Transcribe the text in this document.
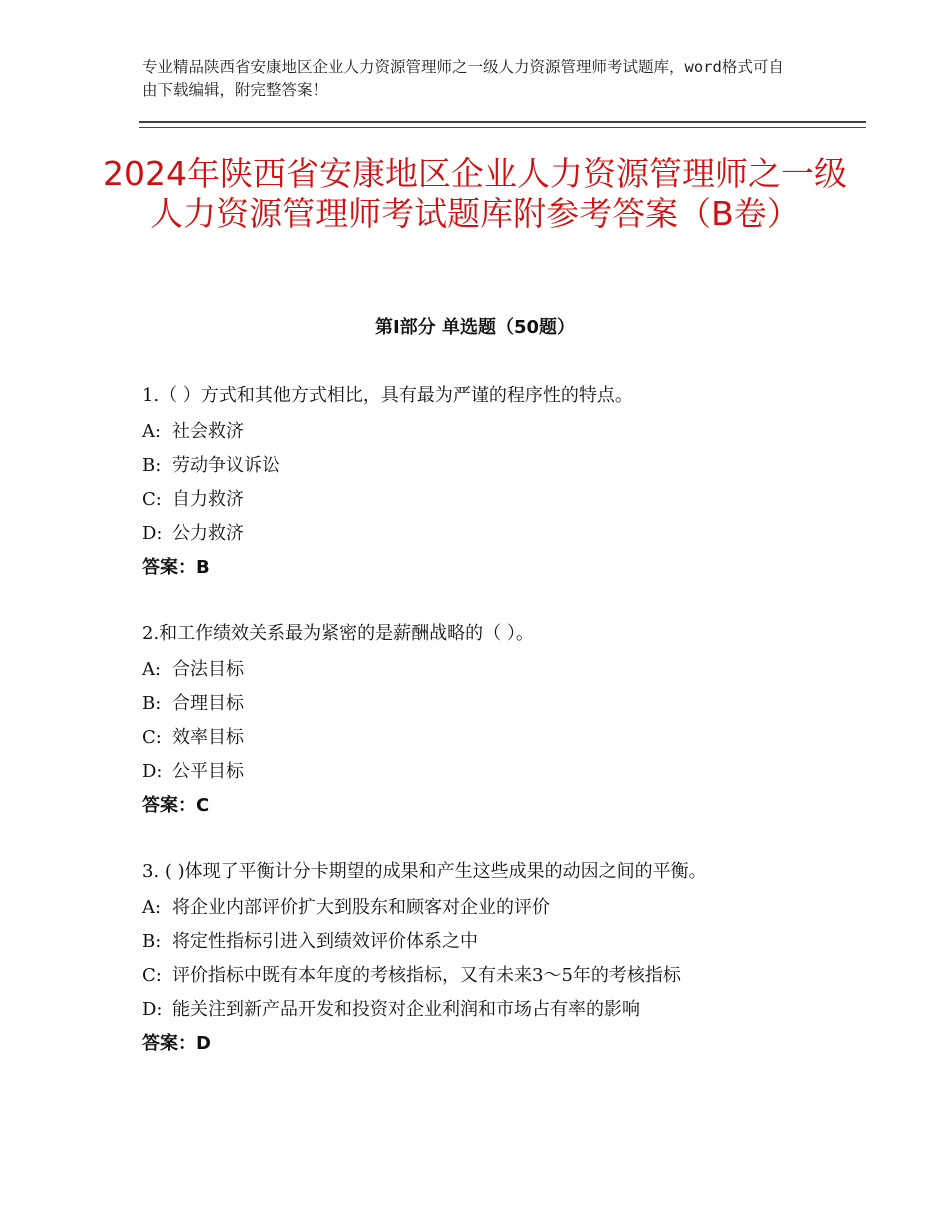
专业精品陕西省安康地区企业人力资源管理师之一级人力资源管理师考试题库，word格式可自由下载编辑，附完整答案！
2024年陕西省安康地区企业人力资源管理师之一级人力资源管理师考试题库附参考答案（B卷）
第Ⅰ部分 单选题（50题）
1.（ ）方式和其他方式相比，具有最为严谨的程序性的特点。
A: 社会救济
B: 劳动争议诉讼
C: 自力救济
D: 公力救济
答案：B
2.和工作绩效关系最为紧密的是薪酬战略的（ ）。
A: 合法目标
B: 合理目标
C: 效率目标
D: 公平目标
答案：C
3. ( )体现了平衡计分卡期望的成果和产生这些成果的动因之间的平衡。
A: 将企业内部评价扩大到股东和顾客对企业的评价
B: 将定性指标引进入到绩效评价体系之中
C: 评价指标中既有本年度的考核指标，又有未来3～5年的考核指标
D: 能关注到新产品开发和投资对企业利润和市场占有率的影响
答案：D
